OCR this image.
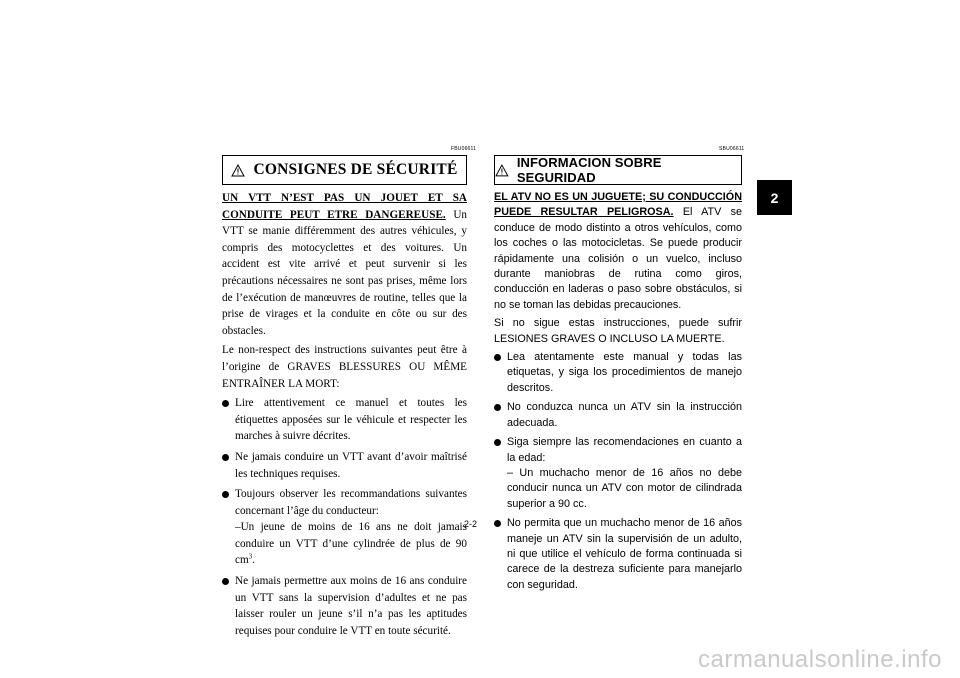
FBU06611
CONSIGNES DE SÉCURITÉ

UN VTT N’EST PAS UN JOUET ET SA CONDUITE PEUT ETRE DANGEREUSE. Un VTT se manie différemment des autres véhicules, y compris des motocyclettes et des voitures. Un accident est vite arrivé et peut survenir si les précautions nécessaires ne sont pas prises, même lors de l’exécution de manœuvres de routine, telles que la prise de virages et la conduite en côte ou sur des obstacles.

Le non-respect des instructions suivantes peut être à l’origine de GRAVES BLESSURES OU MÊME ENTRAÎNER LA MORT:

Lire attentivement ce manuel et toutes les étiquettes apposées sur le véhicule et respecter les marches à suivre décrites.
Ne jamais conduire un VTT avant d’avoir maîtrisé les techniques requises.
Toujours observer les recommandations suivantes concernant l’âge du conducteur:
–Un jeune de moins de 16 ans ne doit jamais conduire un VTT d’une cylindrée de plus de 90 $cm^3$.
Ne jamais permettre aux moins de 16 ans conduire un VTT sans la supervision d’adultes et ne pas laisser rouler un jeune s’il n’a pas les aptitudes requises pour conduire le VTT en toute sécurité.
SBU06611
INFORMACION SOBRE SEGURIDAD

EL ATV NO ES UN JUGUETE; SU CONDUCCIÓN PUEDE RESULTAR PELIGROSA. El ATV se conduce de modo distinto a otros vehículos, como los coches o las motocicletas. Se puede producir rápidamente una colisión o un vuelco, incluso durante maniobras de rutina como giros, conducción en laderas o paso sobre obstáculos, si no se toman las debidas precauciones.

Si no sigue estas instrucciones, puede sufrir LESIONES GRAVES O INCLUSO LA MUERTE.

Lea atentamente este manual y todas las etiquetas, y siga los procedimientos de manejo descritos.
No conduzca nunca un ATV sin la instrucción adecuada.
Siga siempre las recomendaciones en cuanto a la edad:
– Un muchacho menor de 16 años no debe conducir nunca un ATV con motor de cilindrada superior a 90 cc.
No permita que un muchacho menor de 16 años maneje un ATV sin la supervisión de un adulto, ni que utilice el vehículo de forma continuada si carece de la destreza suficiente para manejarlo con seguridad.
2-2
2
carmanualsonline.info
